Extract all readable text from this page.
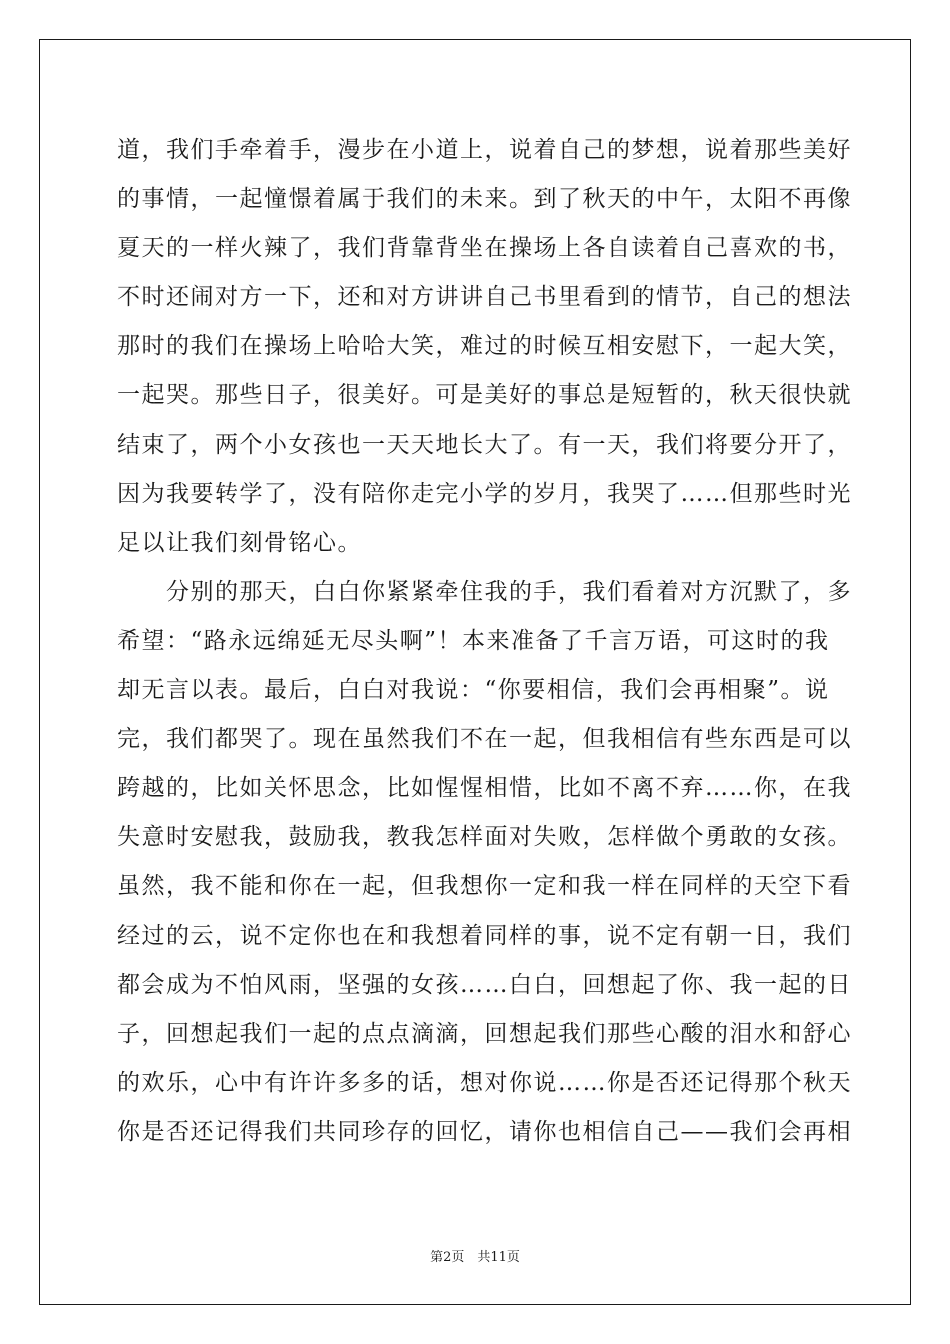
道，我们手牵着手，漫步在小道上，说着自己的梦想，说着那些美好
的事情，一起憧憬着属于我们的未来。到了秋天的中午，太阳不再像
夏天的一样火辣了，我们背靠背坐在操场上各自读着自己喜欢的书，
不时还闹对方一下，还和对方讲讲自己书里看到的情节，自己的想法
那时的我们在操场上哈哈大笑，难过的时候互相安慰下，一起大笑，
一起哭。那些日子，很美好。可是美好的事总是短暂的，秋天很快就
结束了，两个小女孩也一天天地长大了。有一天，我们将要分开了，
因为我要转学了，没有陪你走完小学的岁月，我哭了……但那些时光
足以让我们刻骨铭心。
　　分别的那天，白白你紧紧牵住我的手，我们看着对方沉默了，多
希望：“路永远绵延无尽头啊”！本来准备了千言万语，可这时的我
却无言以表。最后，白白对我说：“你要相信，我们会再相聚”。说
完，我们都哭了。现在虽然我们不在一起，但我相信有些东西是可以
跨越的，比如关怀思念，比如惺惺相惜，比如不离不弃……你，在我
失意时安慰我，鼓励我，教我怎样面对失败，怎样做个勇敢的女孩。
虽然，我不能和你在一起，但我想你一定和我一样在同样的天空下看
经过的云，说不定你也在和我想着同样的事，说不定有朝一日，我们
都会成为不怕风雨，坚强的女孩……白白，回想起了你、我一起的日
子，回想起我们一起的点点滴滴，回想起我们那些心酸的泪水和舒心
的欢乐，心中有许许多多的话，想对你说……你是否还记得那个秋天
你是否还记得我们共同珍存的回忆，请你也相信自己——我们会再相
第2页　共11页
